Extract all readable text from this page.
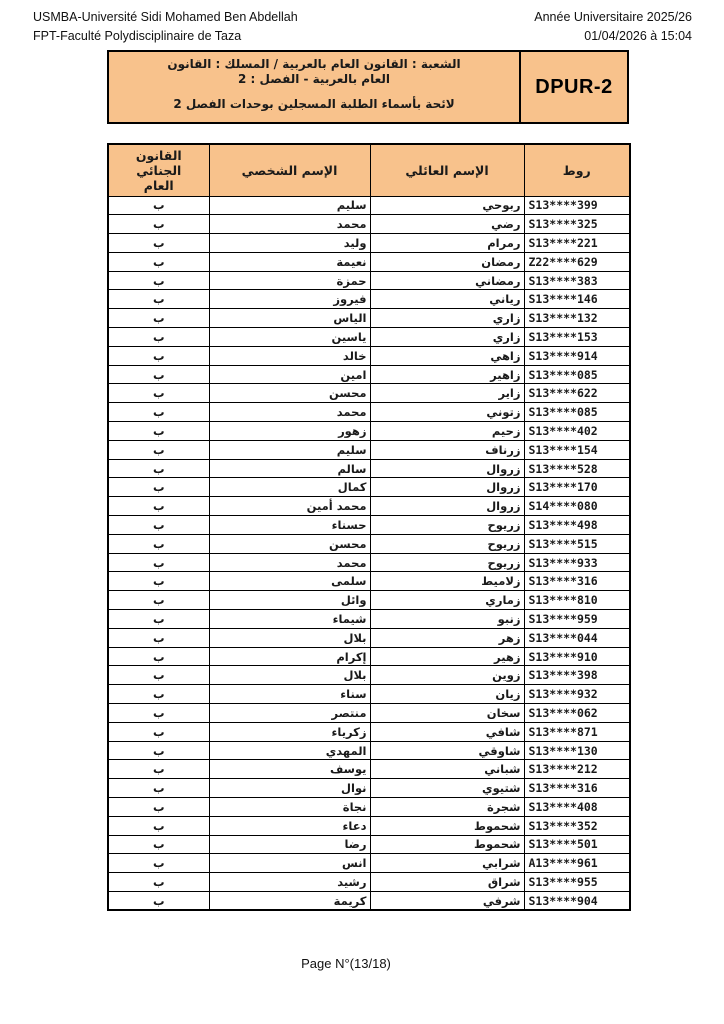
USMBA-Université Sidi Mohamed Ben Abdellah
FPT-Faculté Polydisciplinaire de Taza
Année Universitaire 2025/26
01/04/2026 à 15:04
الشعبة : القانون العام بالعربية / المسلك : القانون
العام بالعربية - الفصل : 2
لائحة بأسماء الطلبة المسجلين بوحدات الفصل 2
DPUR-2
روط	الإسم العائلي	الإسم الشخصي	القانون الجنائي العام

S13****399	ربوحي	سليم	ب
S13****325	رضي	محمد	ب
S13****221	رمرام	وليد	ب
Z22****629	رمضان	نعيمة	ب
S13****383	رمضاني	حمزة	ب
S13****146	رياني	فيروز	ب
S13****132	زاري	الياس	ب
S13****153	زاري	ياسين	ب
S13****914	زاهي	خالد	ب
S13****085	زاهير	امين	ب
S13****622	زاير	محسن	ب
S13****085	زتوني	محمد	ب
S13****402	زحيم	زهور	ب
S13****154	زرناف	سليم	ب
S13****528	زروال	سالم	ب
S13****170	زروال	كمال	ب
S14****080	زروال	محمد أمين	ب
S13****498	زريوح	حسناء	ب
S13****515	زريوح	محسن	ب
S13****933	زريوح	محمد	ب
S13****316	زلاميط	سلمى	ب
S13****810	زماري	وائل	ب
S13****959	زنبو	شيماء	ب
S13****044	زهر	بلال	ب
S13****910	زهير	إكرام	ب
S13****398	زوين	بلال	ب
S13****932	زيان	سناء	ب
S13****062	سخان	منتصر	ب
S13****871	شافي	زكرياء	ب
S13****130	شاوقي	المهدي	ب
S13****212	شباني	يوسف	ب
S13****316	شتيوي	نوال	ب
S13****408	شجرة	نجاة	ب
S13****352	شحموط	دعاء	ب
S13****501	شحموط	رضا	ب
A13****961	شرابي	انس	ب
S13****955	شراق	رشيد	ب
S13****904	شرفي	كريمة	ب
Page N°(13/18)
